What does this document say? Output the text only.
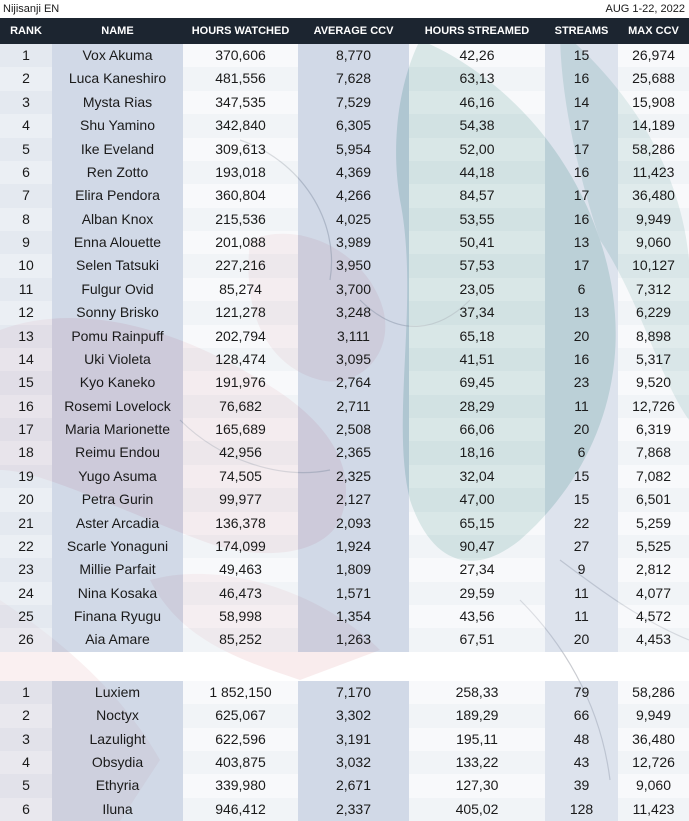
Nijisanji EN	AUG 1-22, 2022
RANK	NAME	HOURS WATCHED	AVERAGE CCV	HOURS STREAMED	STREAMS	MAX CCV
1	Vox Akuma	370,606	8,770	42,26	15	26,974
2	Luca Kaneshiro	481,556	7,628	63,13	16	25,688
3	Mysta Rias	347,535	7,529	46,16	14	15,908
4	Shu Yamino	342,840	6,305	54,38	17	14,189
5	Ike Eveland	309,613	5,954	52,00	17	58,286
6	Ren Zotto	193,018	4,369	44,18	16	11,423
7	Elira Pendora	360,804	4,266	84,57	17	36,480
8	Alban Knox	215,536	4,025	53,55	16	9,949
9	Enna Alouette	201,088	3,989	50,41	13	9,060
10	Selen Tatsuki	227,216	3,950	57,53	17	10,127
11	Fulgur Ovid	85,274	3,700	23,05	6	7,312
12	Sonny Brisko	121,278	3,248	37,34	13	6,229
13	Pomu Rainpuff	202,794	3,111	65,18	20	8,898
14	Uki Violeta	128,474	3,095	41,51	16	5,317
15	Kyo Kaneko	191,976	2,764	69,45	23	9,520
16	Rosemi Lovelock	76,682	2,711	28,29	11	12,726
17	Maria Marionette	165,689	2,508	66,06	20	6,319
18	Reimu Endou	42,956	2,365	18,16	6	7,868
19	Yugo Asuma	74,505	2,325	32,04	15	7,082
20	Petra Gurin	99,977	2,127	47,00	15	6,501
21	Aster Arcadia	136,378	2,093	65,15	22	5,259
22	Scarle Yonaguni	174,099	1,924	90,47	27	5,525
23	Millie Parfait	49,463	1,809	27,34	9	2,812
24	Nina Kosaka	46,473	1,571	29,59	11	4,077
25	Finana Ryugu	58,998	1,354	43,56	11	4,572
26	Aia Amare	85,252	1,263	67,51	20	4,453
1	Luxiem	1 852,150	7,170	258,33	79	58,286
2	Noctyx	625,067	3,302	189,29	66	9,949
3	Lazulight	622,596	3,191	195,11	48	36,480
4	Obsydia	403,875	3,032	133,22	43	12,726
5	Ethyria	339,980	2,671	127,30	39	9,060
6	Iluna	946,412	2,337	405,02	128	11,423
